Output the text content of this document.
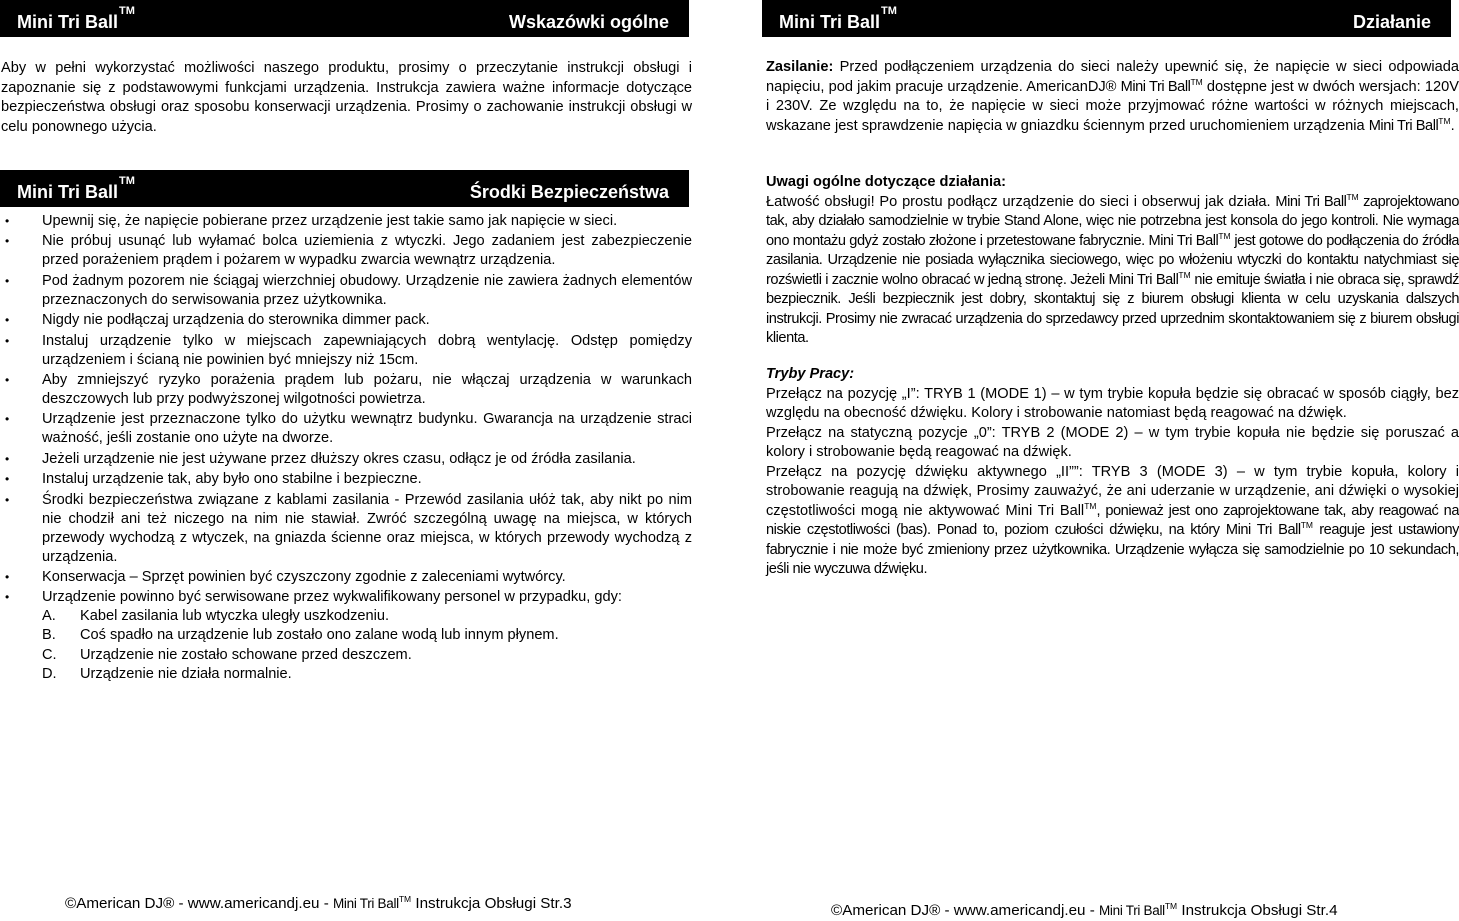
Mini Tri Ball™
Wskazówki ogólne

Aby w pełni wykorzystać możliwości naszego produktu, prosimy o przeczytanie instrukcji obsługi i zapoznanie się z podstawowymi funkcjami urządzenia. Instrukcja zawiera ważne informacje dotyczące bezpieczeństwa obsługi oraz sposobu konserwacji urządzenia. Prosimy o zachowanie instrukcji obsługi w celu ponownego użycia.

Mini Tri Ball™
Środki Bezpieczeństwa
• Upewnij się, że napięcie pobierane przez urządzenie jest takie samo jak napięcie w sieci.
• Nie próbuj usunąć lub wyłamać bolca uziemienia z wtyczki. Jego zadaniem jest zabezpieczenie przed porażeniem prądem i pożarem w wypadku zwarcia wewnątrz urządzenia.
• Pod żadnym pozorem nie ściągaj wierzchniej obudowy. Urządzenie nie zawiera żadnych elementów przeznaczonych do serwisowania przez użytkownika.
• Nigdy nie podłączaj urządzenia do sterownika dimmer pack.
• Instaluj urządzenie tylko w miejscach zapewniających dobrą wentylację. Odstęp pomiędzy urządzeniem i ścianą nie powinien być mniejszy niż 15cm.
• Aby zmniejszyć ryzyko porażenia prądem lub pożaru, nie włączaj urządzenia w warunkach deszczowych lub przy podwyższonej wilgotności powietrza.
• Urządzenie jest przeznaczone tylko do użytku wewnątrz budynku. Gwarancja na urządzenie straci ważność, jeśli zostanie ono użyte na dworze.
• Jeżeli urządzenie nie jest używane przez dłuższy okres czasu, odłącz je od źródła zasilania.
• Instaluj urządzenie tak, aby było ono stabilne i bezpieczne.
• Środki bezpieczeństwa związane z kablami zasilania - Przewód zasilania ułóż tak, aby nikt po nim nie chodził ani też niczego na nim nie stawiał. Zwróć szczególną uwagę na miejsca, w których przewody wychodzą z wtyczek, na gniazda ścienne oraz miejsca, w których przewody wychodzą z urządzenia.
• Konserwacja – Sprzęt powinien być czyszczony zgodnie z zaleceniami wytwórcy.
• Urządzenie powinno być serwisowane przez wykwalifikowany personel w przypadku, gdy:
A. Kabel zasilania lub wtyczka uległy uszkodzeniu.
B. Coś spadło na urządzenie lub zostało ono zalane wodą lub innym płynem.
C. Urządzenie nie zostało schowane przed deszczem.
D. Urządzenie nie działa normalnie.
©American DJ® - www.americandj.eu - Mini Tri Ball™ Instrukcja Obsługi Str.3
Mini Tri Ball™
Działanie

Zasilanie: Przed podłączeniem urządzenia do sieci należy upewnić się, że napięcie w sieci odpowiada napięciu, pod jakim pracuje urządzenie. AmericanDJ® Mini Tri Ball™ dostępne jest w dwóch wersjach: 120V i 230V. Ze względu na to, że napięcie w sieci może przyjmować różne wartości w różnych miejscach, wskazane jest sprawdzenie napięcia w gniazdku ściennym przed uruchomieniem urządzenia Mini Tri Ball™.

Uwagi ogólne dotyczące działania:
Łatwość obsługi! Po prostu podłącz urządzenie do sieci i obserwuj jak działa. Mini Tri Ball™ zaprojektowano tak, aby działało samodzielnie w trybie Stand Alone, więc nie potrzebna jest konsola do jego kontroli. Nie wymaga ono montażu gdyż zostało złożone i przetestowane fabrycznie. Mini Tri Ball™ jest gotowe do podłączenia do źródła zasilania. Urządzenie nie posiada wyłącznika sieciowego, więc po włożeniu wtyczki do kontaktu natychmiast się rozświetli i zacznie wolno obracać w jedną stronę. Jeżeli Mini Tri Ball™ nie emituje światła i nie obraca się, sprawdź bezpiecznik. Jeśli bezpiecznik jest dobry, skontaktuj się z biurem obsługi klienta w celu uzyskania dalszych instrukcji. Prosimy nie zwracać urządzenia do sprzedawcy przed uprzednim skontaktowaniem się z biurem obsługi klienta.

Tryby Pracy:
Przełącz na pozycję „I”: TRYB 1 (MODE 1) – w tym trybie kopuła będzie się obracać w sposób ciągły, bez względu na obecność dźwięku. Kolory i strobowanie natomiast będą reagować na dźwięk.
Przełącz na statyczną pozycje „0”: TRYB 2 (MODE 2) – w tym trybie kopuła nie będzie się poruszać a kolory i strobowanie będą reagować na dźwięk.
Przełącz na pozycję dźwięku aktywnego „II””: TRYB 3 (MODE 3) – w tym trybie kopuła, kolory i strobowanie reagują na dźwięk, Prosimy zauważyć, że ani uderzanie w urządzenie, ani dźwięki o wysokiej częstotliwości mogą nie aktywować Mini Tri Ball™, ponieważ jest ono zaprojektowane tak, aby reagować na niskie częstotliwości (bas). Ponad to, poziom czułości dźwięku, na który Mini Tri Ball™ reaguje jest ustawiony fabrycznie i nie może być zmieniony przez użytkownika. Urządzenie wyłącza się samodzielnie po 10 sekundach, jeśli nie wyczuwa dźwięku.

©American DJ® - www.americandj.eu - Mini Tri Ball™ Instrukcja Obsługi Str.4
